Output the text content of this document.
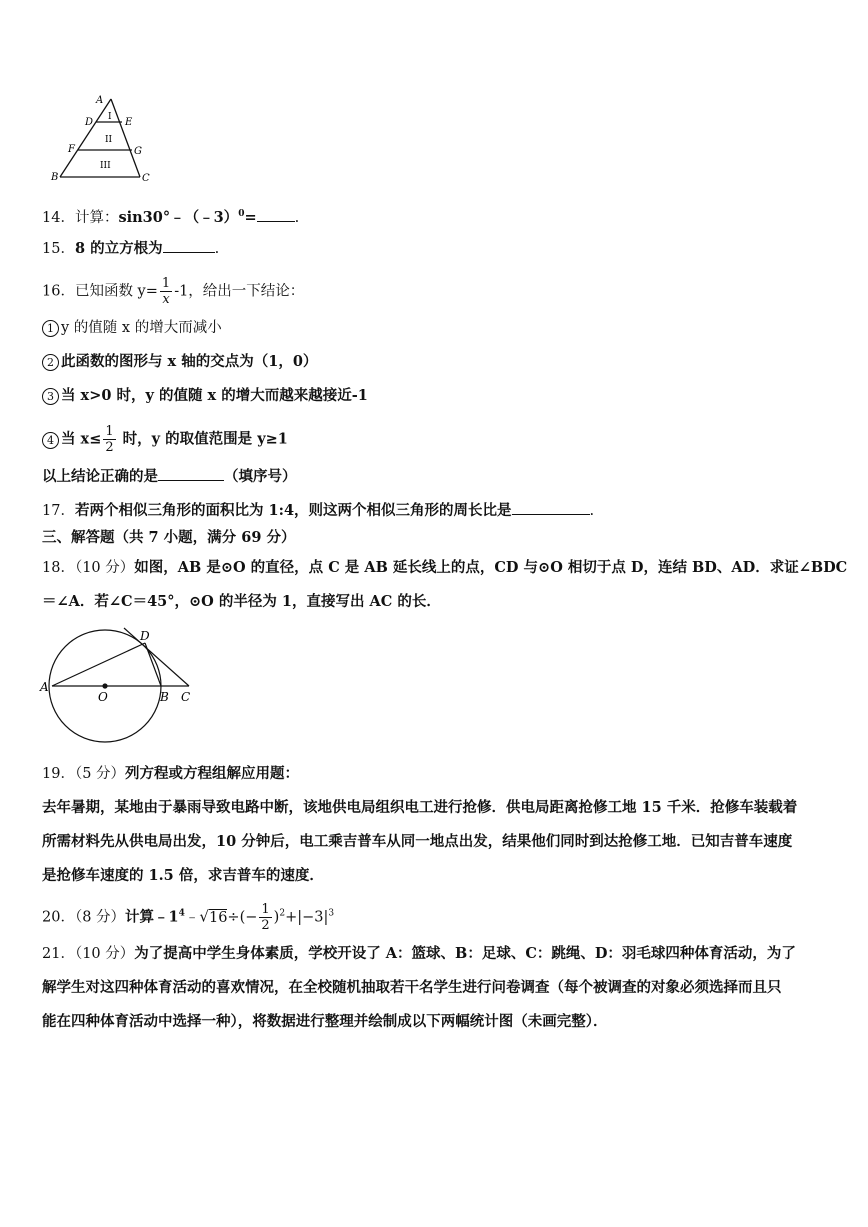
A
D	E
F	G
B	C
I
II
III
14．计算：sin30°﹣（﹣3）$^0$=	.
15．8 的立方根为	.
16．已知函数 $y= \frac{1}{x} -1$，给出一下结论：
1 y 的值随 x 的增大而减小
2 此函数的图形与 x 轴的交点为（1，0）
3 当 x>0 时，y 的值随 x 的增大而越来越接近-1
4 当 $x\le \frac{1}{2}$ 时，y 的取值范围是 y≥1
以上结论正确的是	（填序号）
17．若两个相似三角形的面积比为 1:4，则这两个相似三角形的周长比是	.
三、解答题（共 7 小题，满分 69 分）
18．（10 分）如图，AB 是⊙O 的直径，点 C 是 AB 延长线上的点，CD 与⊙O 相切于点 D，连结 BD、AD．求证∠BDC
＝∠A．若∠C＝45°，⊙O 的半径为 1，直接写出 AC 的长．
A
O	B C
D
19．（5 分）列方程或方程组解应用题：
去年暑期，某地由于暴雨导致电路中断，该地供电局组织电工进行抢修．供电局距离抢修工地 15 千米．抢修车装载着
所需材料先从供电局出发，10 分钟后，电工乘吉普车从同一地点出发，结果他们同时到达抢修工地．已知吉普车速度
是抢修车速度的 1.5 倍，求吉普车的速度．
20．（8 分）计算$﹣1^4﹣√16\div(- \frac{1}{2} )^2+|-3|^3$
21．（10 分）为了提高中学生身体素质，学校开设了 A：篮球、B：足球、C：跳绳、D：羽毛球四种体育活动，为了
解学生对这四种体育活动的喜欢情况，在全校随机抽取若干名学生进行问卷调查（每个被调查的对象必须选择而且只
能在四种体育活动中选择一种），将数据进行整理并绘制成以下两幅统计图（未画完整）．
